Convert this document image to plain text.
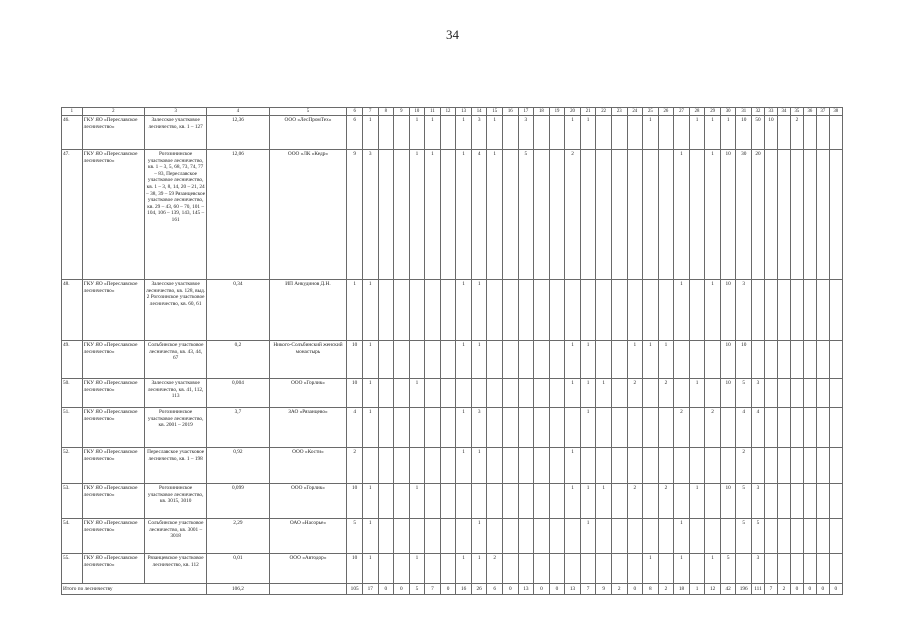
34
1	2	3	4	5	6	7	8	9	10	11	12	13	14	15	16	17	18	19	20	21	22	23	24	25	26	27	28	29	30	31	32	33	34	35	36	37	38
46.	ГКУ ЯО «Переславское лесничество»	Залесское участковое лесничество, кв. 1 – 127	12,36	ООО «ЛесПромТех»	6	1			1	1		1	3	1		3			1	1				1			1	1	1	10	50	10		2			
47.	ГКУ ЯО «Переславское лесничество»	Рогозининское участковое лесничество, кв. 1 – 3, 5, 68, 73, 74, 77 – 83, Переславское участковое лесничество, кв. 1 – 3, 8, 14, 20 – 21, 24 – 38, 39 – 59 Рязанцевское участковое лесничество, кв. 29 – 43, 60 – 70, 101 – 104, 106 – 139, 143, 145 – 161	12,06	ООО «ЛК «Кедр»	9	3			1	1		1	4	1		5			2							1		1	10	30	20						
48.	ГКУ ЯО «Переславское лесничество»	Залесское участковое лесничество, кв. 128, выд. 2 Рогозинское участковое лесничество, кв. 60, 61	0,34	ИП Анкудинов Д.Н.	1	1						1	1													1		1	10	3							
49.	ГКУ ЯО «Переславское лесничество»	Солъбинское участковое лесничество, кв. 43, 44, 67	0,2	Никого-Солъбинский женский монастырь	10	1						1	1						1	1			1	1	1				10	10							
50.	ГКУ ЯО «Переславское лесничество»	Залесское участковое лесничество, кв. 41, 112, 113	0,004	ООО «Горлик»	10	1			1										1	1	1		2		2		1		10	5	3						
51.	ГКУ ЯО «Переславское лесничество»	Рогозининское участковое лесничество, кв. 2001 – 2019	3,7	ЗАО «Рязанцево»	4	1						1	3							1						2		2		4	4						
52.	ГКУ ЯО «Переславское лесничество»	Переславское участковое лесничество, кв. 1 – 198	0,92	ООО «Кости»	2							1	1						1											2							
53.	ГКУ ЯО «Переславское лесничество»	Рогозининское участковое лесничество, кв. 3015, 3010	0,099	ООО «Горлик»	10	1			1										1	1	1		2		2		1		10	5	3						
54.	ГКУ ЯО «Переславское лесничество»	Солъбинское участковое лесничество, кв. 3001 – 3018	2,29	ОАО «Насорье»	5	1							1							1						1				5	5						
55.	ГКУ ЯО «Переславское лесничество»	Рязанцевское участковое лесничество, кв. 112	0,01	ООО «Автодор»	10	1			1			1	1	2										1		1		1	5		3						
Итого по лесничеству			106,2		105	17	0	0	5	7	0	16	26	6	0	13	0	0	13	7	9	2	0	8	2	18	1	12	42	196	111	7	2	0	0	0	0
